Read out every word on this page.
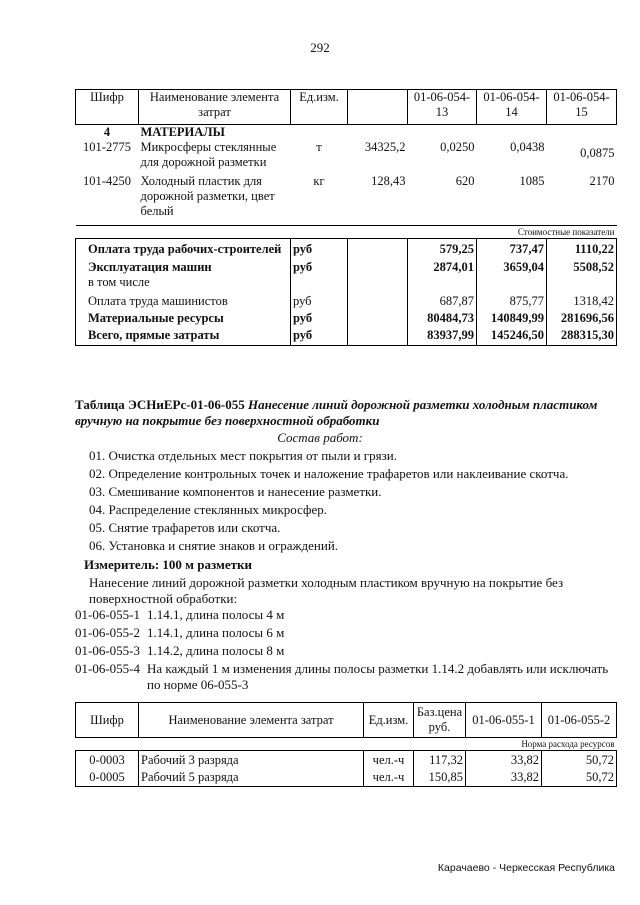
292
Шифр	Наименование элемента затрат	Ед.изм.		01-06-054-13	01-06-054-14	01-06-054-15
4	МАТЕРИАЛЫ					
101-2775	Микросферы стеклянные для дорожной разметки	т	34325,2	0,0250	0,0438	0,0875
101-4250	Холодный пластик для дорожной разметки, цвет белый	кг	128,43	620	1085	2170
Стоимостные показатели						
Оплата труда рабочих-строителей		руб		579,25	737,47	1110,22
Эксплуатация машин		руб		2874,01	3659,04	5508,52
в том числе						
Оплата труда машинистов		руб		687,87	875,77	1318,42
Материальные ресурсы		руб		80484,73	140849,99	281696,56
Всего, прямые затраты		руб		83937,99	145246,50	288315,30
Таблица ЭСНиЕРс-01-06-055 Нанесение линий дорожной разметки холодным пластиком вручную на покрытие без поверхностной обработки
Состав работ:
01. Очистка отдельных мест покрытия от пыли и грязи.
02. Определение контрольных точек и наложение трафаретов или наклеивание скотча.
03. Смешивание компонентов и нанесение разметки.
04. Распределение стеклянных микросфер.
05. Снятие трафаретов или скотча.
06. Установка и снятие знаков и ограждений.
Измеритель: 100 м разметки
Нанесение линий дорожной разметки холодным пластиком вручную на покрытие без поверхностной обработки:
01-06-055-1 1.14.1, длина полосы 4 м
01-06-055-2 1.14.1, длина полосы 6 м
01-06-055-3 1.14.2, длина полосы 8 м
01-06-055-4 На каждый 1 м изменения длины полосы разметки 1.14.2 добавлять или исключать по норме 06-055-3
Шифр	Наименование элемента затрат	Ед.изм.	Баз.цена руб.	01-06-055-1	01-06-055-2
Норма расхода ресурсов					
0-0003	Рабочий 3 разряда	чел.-ч	117,32	33,82	50,72
0-0005	Рабочий 5 разряда	чел.-ч	150,85	33,82	50,72
Карачаево - Черкесская Республика
